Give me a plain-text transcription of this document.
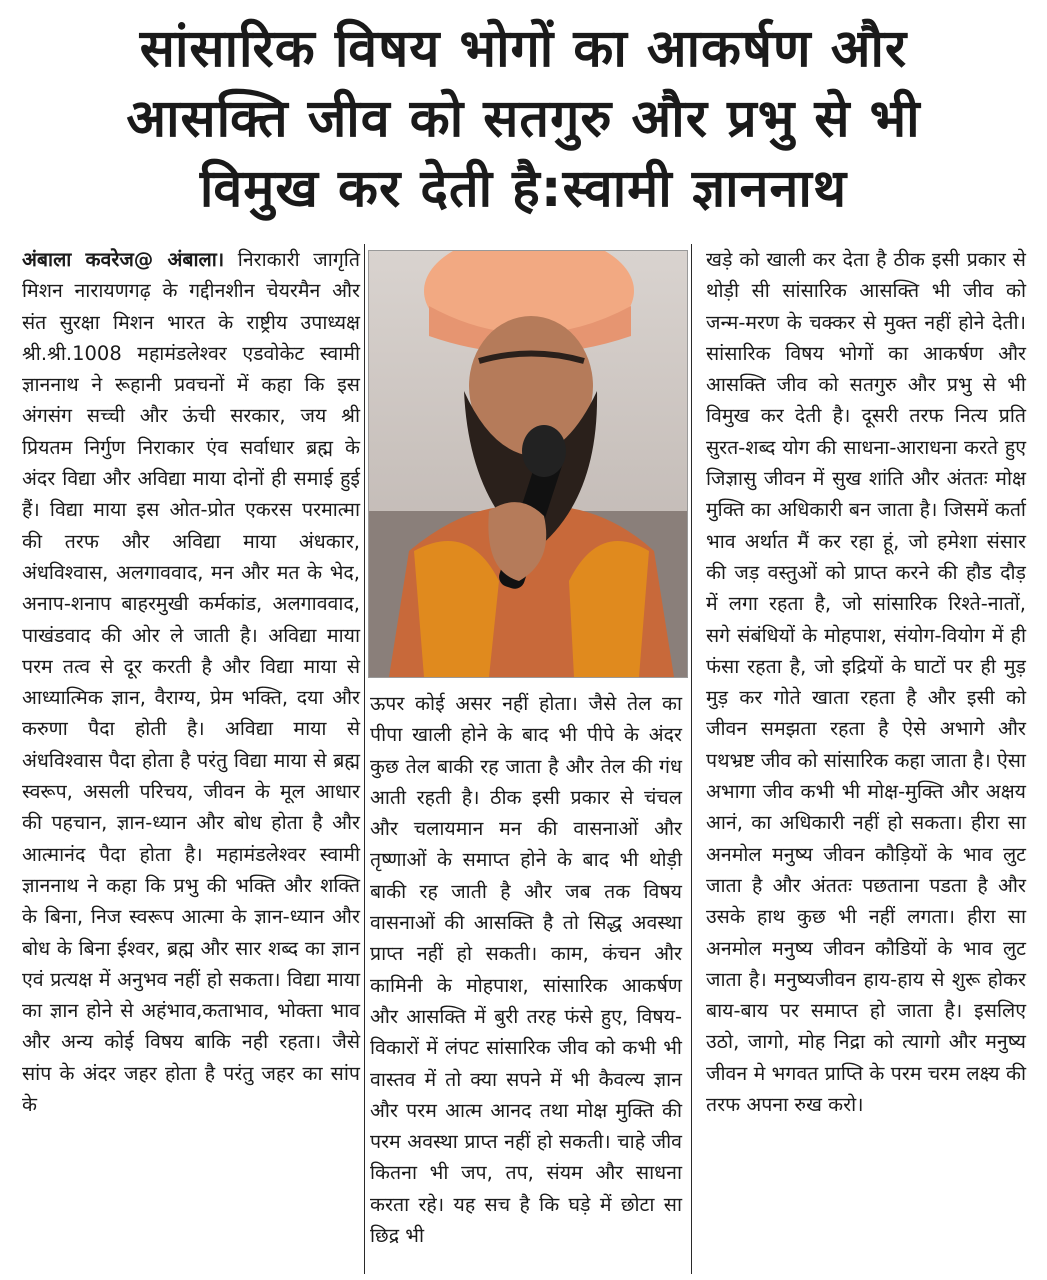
सांसारिक विषय भोगों का आकर्षण और
आसक्ति जीव को सतगुरु और प्रभु से भी
विमुख कर देती है:स्वामी ज्ञाननाथ

अंबाला कवरेज@ अंबाला। निराकारी जागृति मिशन नारायणगढ़ के गद्दीनशीन चेयरमैन और संत सुरक्षा मिशन भारत के राष्ट्रीय उपाध्यक्ष श्री.श्री.1008 महामंडलेश्वर एडवोकेट स्वामी ज्ञाननाथ ने रूहानी प्रवचनों में कहा कि इस अंगसंग सच्ची और ऊंची सरकार, जय श्री प्रियतम निर्गुण निराकार एंव सर्वाधार ब्रह्म के अंदर विद्या और अविद्या माया दोनों ही समाई हुई हैं। विद्या माया इस ओत-प्रोत एकरस परमात्मा की तरफ और अविद्या माया अंधकार, अंधविश्वास, अलगाववाद, मन और मत के भेद, अनाप-शनाप बाहरमुखी कर्मकांड, अलगाववाद, पाखंडवाद की ओर ले जाती है। अविद्या माया परम तत्व से दूर करती है और विद्या माया से आध्यात्मिक ज्ञान, वैराग्य, प्रेम भक्ति, दया और करुणा पैदा होती है। अविद्या माया से अंधविश्वास पैदा होता है परंतु विद्या माया से ब्रह्म स्वरूप, असली परिचय, जीवन के मूल आधार की पहचान, ज्ञान-ध्यान और बोध होता है और आत्मानंद पैदा होता है। महामंडलेश्वर स्वामी ज्ञाननाथ ने कहा कि प्रभु की भक्ति और शक्ति के बिना, निज स्वरूप आत्मा के ज्ञान-ध्यान और बोध के बिना ईश्वर, ब्रह्म और सार शब्द का ज्ञान एवं प्रत्यक्ष में अनुभव नहीं हो सकता। विद्या माया का ज्ञान होने से अहंभाव,कताभाव, भोक्ता भाव और अन्य कोई विषय बाकि नही रहता। जैसे सांप के अंदर जहर होता है परंतु जहर का सांप के

ऊपर कोई असर नहीं होता। जैसे तेल का पीपा खाली होने के बाद भी पीपे के अंदर कुछ तेल बाकी रह जाता है और तेल की गंध आती रहती है। ठीक इसी प्रकार से चंचल और चलायमान मन की वासनाओं और तृष्णाओं के समाप्त होने के बाद भी थोड़ी बाकी रह जाती है और जब तक विषय वासनाओं की आसक्ति है तो सिद्ध अवस्था प्राप्त नहीं हो सकती। काम, कंचन और कामिनी के मोहपाश, सांसारिक आकर्षण और आसक्ति में बुरी तरह फंसे हुए, विषय-विकारों में लंपट सांसारिक जीव को कभी भी वास्तव में तो क्या सपने में भी कैवल्य ज्ञान और परम आत्म आनद तथा मोक्ष मुक्ति की परम अवस्था प्राप्त नहीं हो सकती। चाहे जीव कितना भी जप, तप, संयम और साधना करता रहे। यह सच है कि घड़े में छोटा सा छिद्र भी

खड़े को खाली कर देता है ठीक इसी प्रकार से थोड़ी सी सांसारिक आसक्ति भी जीव को जन्म-मरण के चक्कर से मुक्त नहीं होने देती। सांसारिक विषय भोगों का आकर्षण और आसक्ति जीव को सतगुरु और प्रभु से भी विमुख कर देती है। दूसरी तरफ नित्य प्रति सुरत-शब्द योग की साधना-आराधना करते हुए जिज्ञासु जीवन में सुख शांति और अंततः मोक्ष मुक्ति का अधिकारी बन जाता है। जिसमें कर्ता भाव अर्थात मैं कर रहा हूं, जो हमेशा संसार की जड़ वस्तुओं को प्राप्त करने की हौड दौड़ में लगा रहता है, जो सांसारिक रिश्ते-नातों, सगे संबंधियों के मोहपाश, संयोग-वियोग में ही फंसा रहता है, जो इद्रियों के घाटों पर ही मुड़ मुड़ कर गोते खाता रहता है और इसी को जीवन समझता रहता है ऐसे अभागे और पथभ्रष्ट जीव को सांसारिक कहा जाता है। ऐसा अभागा जीव कभी भी मोक्ष-मुक्ति और अक्षय आनं, का अधिकारी नहीं हो सकता। हीरा सा अनमोल मनुष्य जीवन कौड़ियों के भाव लुट जाता है और अंततः पछताना पडता है और उसके हाथ कुछ भी नहीं लगता। हीरा सा अनमोल मनुष्य जीवन कौडियों के भाव लुट जाता है। मनुष्यजीवन हाय-हाय से शुरू होकर बाय-बाय पर समाप्त हो जाता है। इसलिए उठो, जागो, मोह निद्रा को त्यागो और मनुष्य जीवन मे भगवत प्राप्ति के परम चरम लक्ष्य की तरफ अपना रुख करो।
